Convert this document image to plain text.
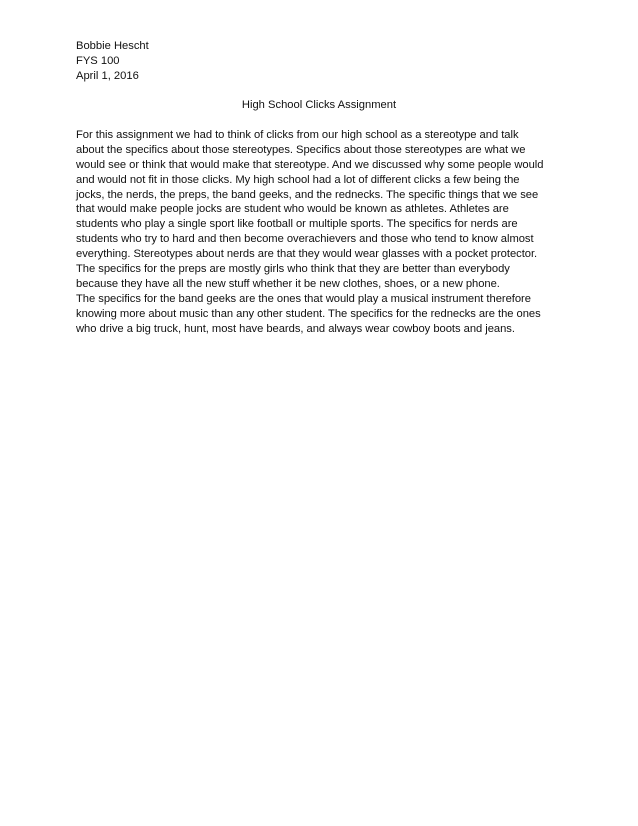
Bobbie Hescht
FYS 100
April 1, 2016
High School Clicks Assignment
For this assignment we had to think of clicks from our high school as a stereotype and talk
about the specifics about those stereotypes. Specifics about those stereotypes are what we
would see or think that would make that stereotype. And we discussed why some people would
and would not fit in those clicks. My high school had a lot of different clicks a few being the
jocks, the nerds, the preps, the band geeks, and the rednecks. The specific things that we see
that would make people jocks are student who would be known as athletes. Athletes are
students who play a single sport like football or multiple sports. The specifics for nerds are
students who try to hard and then become overachievers and those who tend to know almost
everything. Stereotypes about nerds are that they would wear glasses with a pocket protector.
The specifics for the preps are mostly girls who think that they are better than everybody
because they have all the new stuff whether it be new clothes, shoes, or a new phone.
The specifics for the band geeks are the ones that would play a musical instrument therefore
knowing more about music than any other student. The specifics for the rednecks are the ones
who drive a big truck, hunt, most have beards, and always wear cowboy boots and jeans.
